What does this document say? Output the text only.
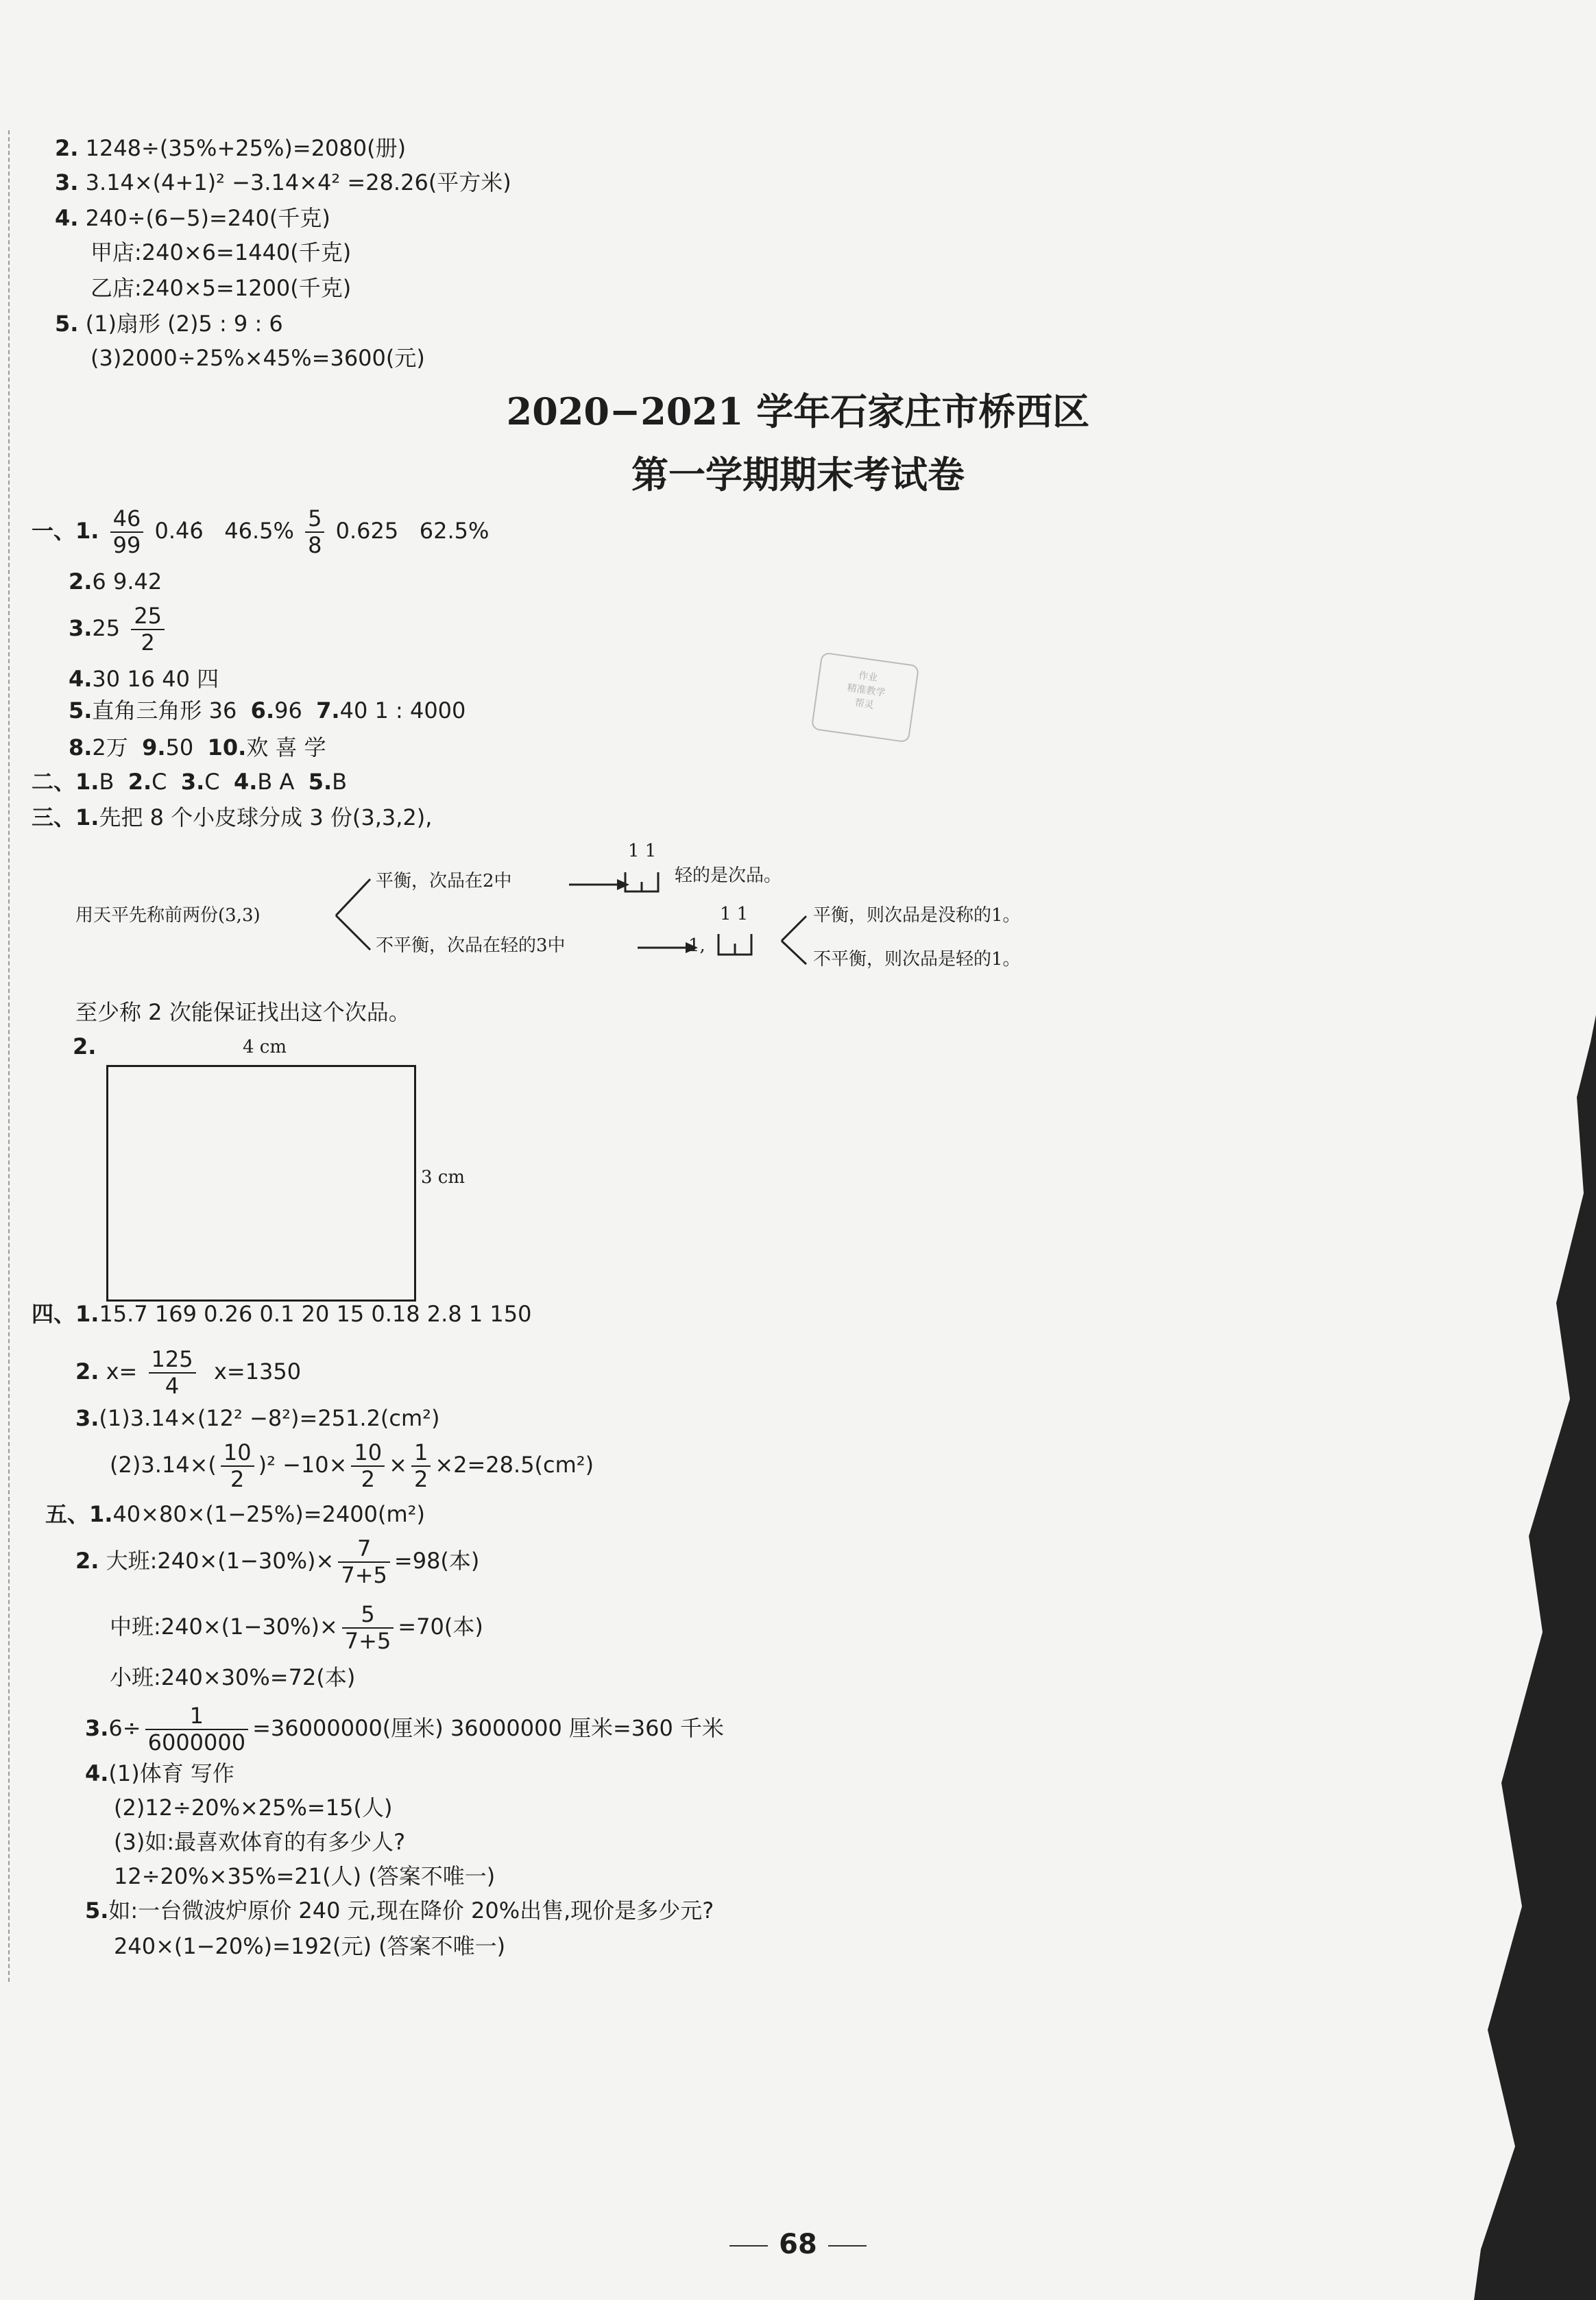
2. 1248÷(35%+25%)=2080(册)
3. 3.14×(4+1)² −3.14×4² =28.26(平方米)
4. 240÷(6−5)=240(千克)
甲店:240×6=1440(千克)
乙店:240×5=1200(千克)
5. (1)扇形 (2)5 : 9 : 6
(3)2000÷25%×45%=3600(元)
2020−2021 学年石家庄市桥西区
第一学期期末考试卷
一、1. $\frac{46}{99}$ 0.4̇6̇ $46.5\% \frac{5}{8} 0.625$ 62.5%
2.6 9.42
$3.25 \frac{25}{2}$
4.30 16 40 四
5.直角三角形 36 6.96 7.40 1 : 4000
8.2万 9.50 10.欢 喜 学
作业
精准教学
帮灵
二、1.B 2.C 3.C 4.B A 5.B
三、1.先把 8 个小皮球分成 3 份(3,3,2),
用天平先称前两份(3,3)
平衡，次品在2中
1 1
轻的是次品。
不平衡，次品在轻的3中
1 1
1,
平衡，则次品是没称的1。
不平衡，则次品是轻的1。
至少称 2 次能保证找出这个次品。
2.	4 cm
3 cm
四、1.15.7 169 0.26 0.1 20 15 0.18 2.8 1 150
2. $x= \frac{125}{4} x=1350$
3.(1)3.14×(12² −8²)=251.2(cm²)
$(2)3.14\times( \frac{10}{2} )^2 -10\times \frac{10}{2} \times \frac{1}{2} \times 2=28.5(cm^2)$
五、1.40×80×(1−25%)=2400(m²)
2. 大班:240×(1−30%)× $\frac{7}{7+5} =98$(本)
中班:240×(1−30%)× $\frac{5}{7+5} =70$(本)
小班:240×30%=72(本)
$3.6\div \frac{1}{6000000} =36000000$(厘米) 36000000 厘米=360 千米
4.(1)体育 写作
(2)12÷20%×25%=15(人)
(3)如:最喜欢体育的有多少人?
12÷20%×35%=21(人) (答案不唯一)
5.如:一台微波炉原价 240 元,现在降价 20%出售,现价是多少元?
240×(1−20%)=192(元) (答案不唯一)
68
